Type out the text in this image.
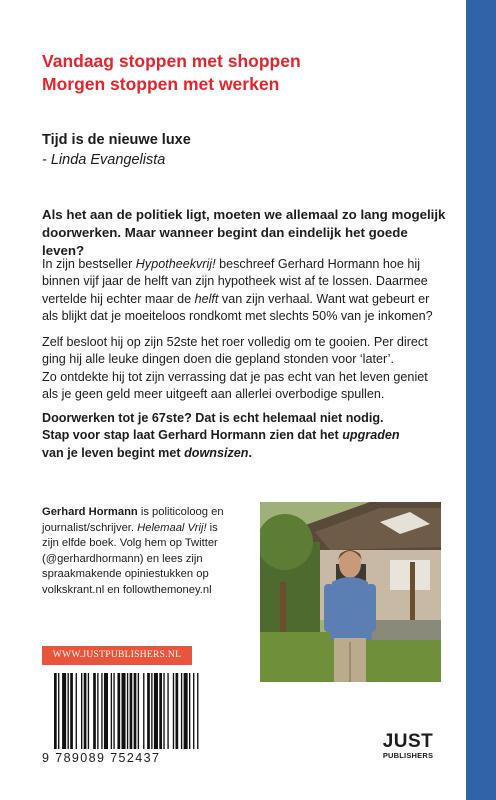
Vandaag stoppen met shoppen
Morgen stoppen met werken
Tijd is de nieuwe luxe
- Linda Evangelista
Als het aan de politiek ligt, moeten we allemaal zo lang mogelijk
doorwerken. Maar wanneer begint dan eindelijk het goede leven?
In zijn bestseller Hypotheekvrij! beschreef Gerhard Hormann hoe hij
binnen vijf jaar de helft van zijn hypotheek wist af te lossen. Daarmee
vertelde hij echter maar de helft van zijn verhaal. Want wat gebeurt er
als blijkt dat je moeiteloos rondkomt met slechts 50% van je inkomen?
Zelf besloot hij op zijn 52ste het roer volledig om te gooien. Per direct
ging hij alle leuke dingen doen die gepland stonden voor ‘later’.
Zo ontdekte hij tot zijn verrassing dat je pas echt van het leven geniet
als je geen geld meer uitgeeft aan allerlei overbodige spullen.
Doorwerken tot je 67ste? Dat is echt helemaal niet nodig.
Stap voor stap laat Gerhard Hormann zien dat het upgraden
van je leven begint met downsizen.
Gerhard Hormann is politicoloog en
journalist/schrijver. Helemaal Vrij! is
zijn elfde boek. Volg hem op Twitter
(@gerhardhormann) en lees zijn
spraakmakende opiniestukken op
volkskrant.nl en followthemoney.nl
WWW.JUSTPUBLISHERS.NL
9 789089 752437
JUST
PUBLISHERS
